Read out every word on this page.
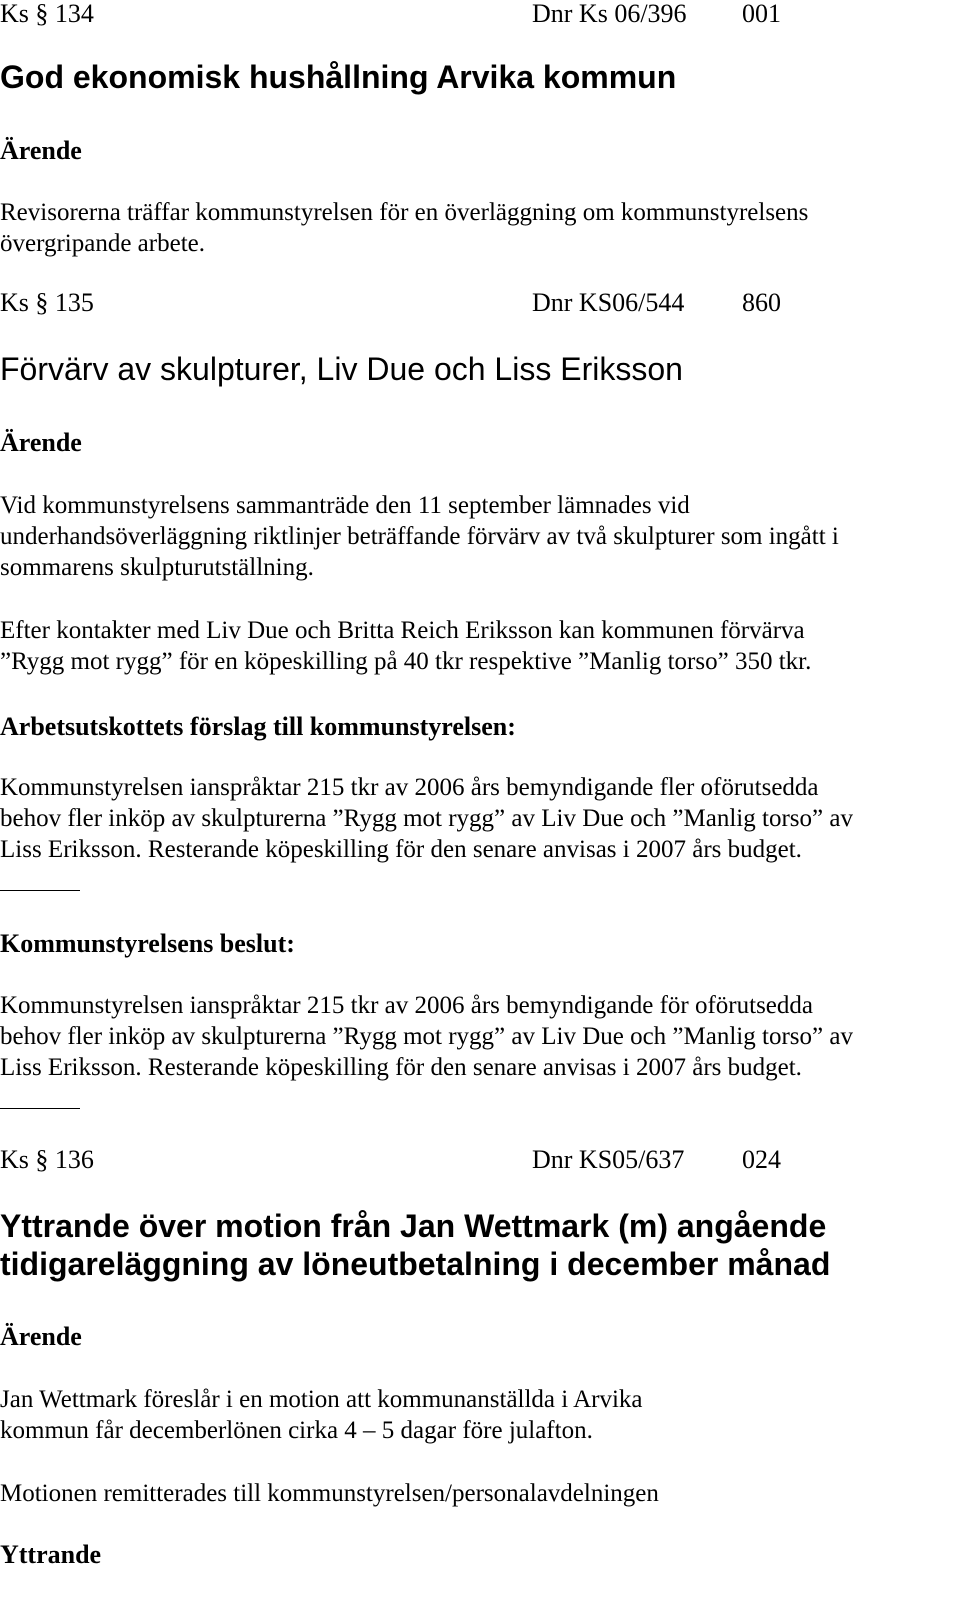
Ks § 134	Dnr Ks 06/396 001
God ekonomisk hushållning Arvika kommun
Ärende
Revisorerna träffar kommunstyrelsen för en överläggning om kommunstyrelsens
övergripande arbete.
Ks § 135	Dnr KS06/544 860
Förvärv av skulpturer, Liv Due och Liss Eriksson
Ärende
Vid kommunstyrelsens sammanträde den 11 september lämnades vid
underhandsöverläggning riktlinjer beträffande förvärv av två skulpturer som ingått i
sommarens skulpturutställning.
Efter kontakter med Liv Due och Britta Reich Eriksson kan kommunen förvärva
”Rygg mot rygg” för en köpeskilling på 40 tkr respektive ”Manlig torso” 350 tkr.
Arbetsutskottets förslag till kommunstyrelsen:
Kommunstyrelsen ianspråktar 215 tkr av 2006 års bemyndigande fler oförutsedda
behov fler inköp av skulpturerna ”Rygg mot rygg” av Liv Due och ”Manlig torso” av
Liss Eriksson. Resterande köpeskilling för den senare anvisas i 2007 års budget.
Kommunstyrelsens beslut:
Kommunstyrelsen ianspråktar 215 tkr av 2006 års bemyndigande för oförutsedda
behov fler inköp av skulpturerna ”Rygg mot rygg” av Liv Due och ”Manlig torso” av
Liss Eriksson. Resterande köpeskilling för den senare anvisas i 2007 års budget.
Ks § 136	Dnr KS05/637 024
Yttrande över motion från Jan Wettmark (m) angående
tidigareläggning av löneutbetalning i december månad
Ärende
Jan Wettmark föreslår i en motion att kommunanställda i Arvika
kommun får decemberlönen cirka 4 – 5 dagar före julafton.
Motionen remitterades till kommunstyrelsen/personalavdelningen
Yttrande
